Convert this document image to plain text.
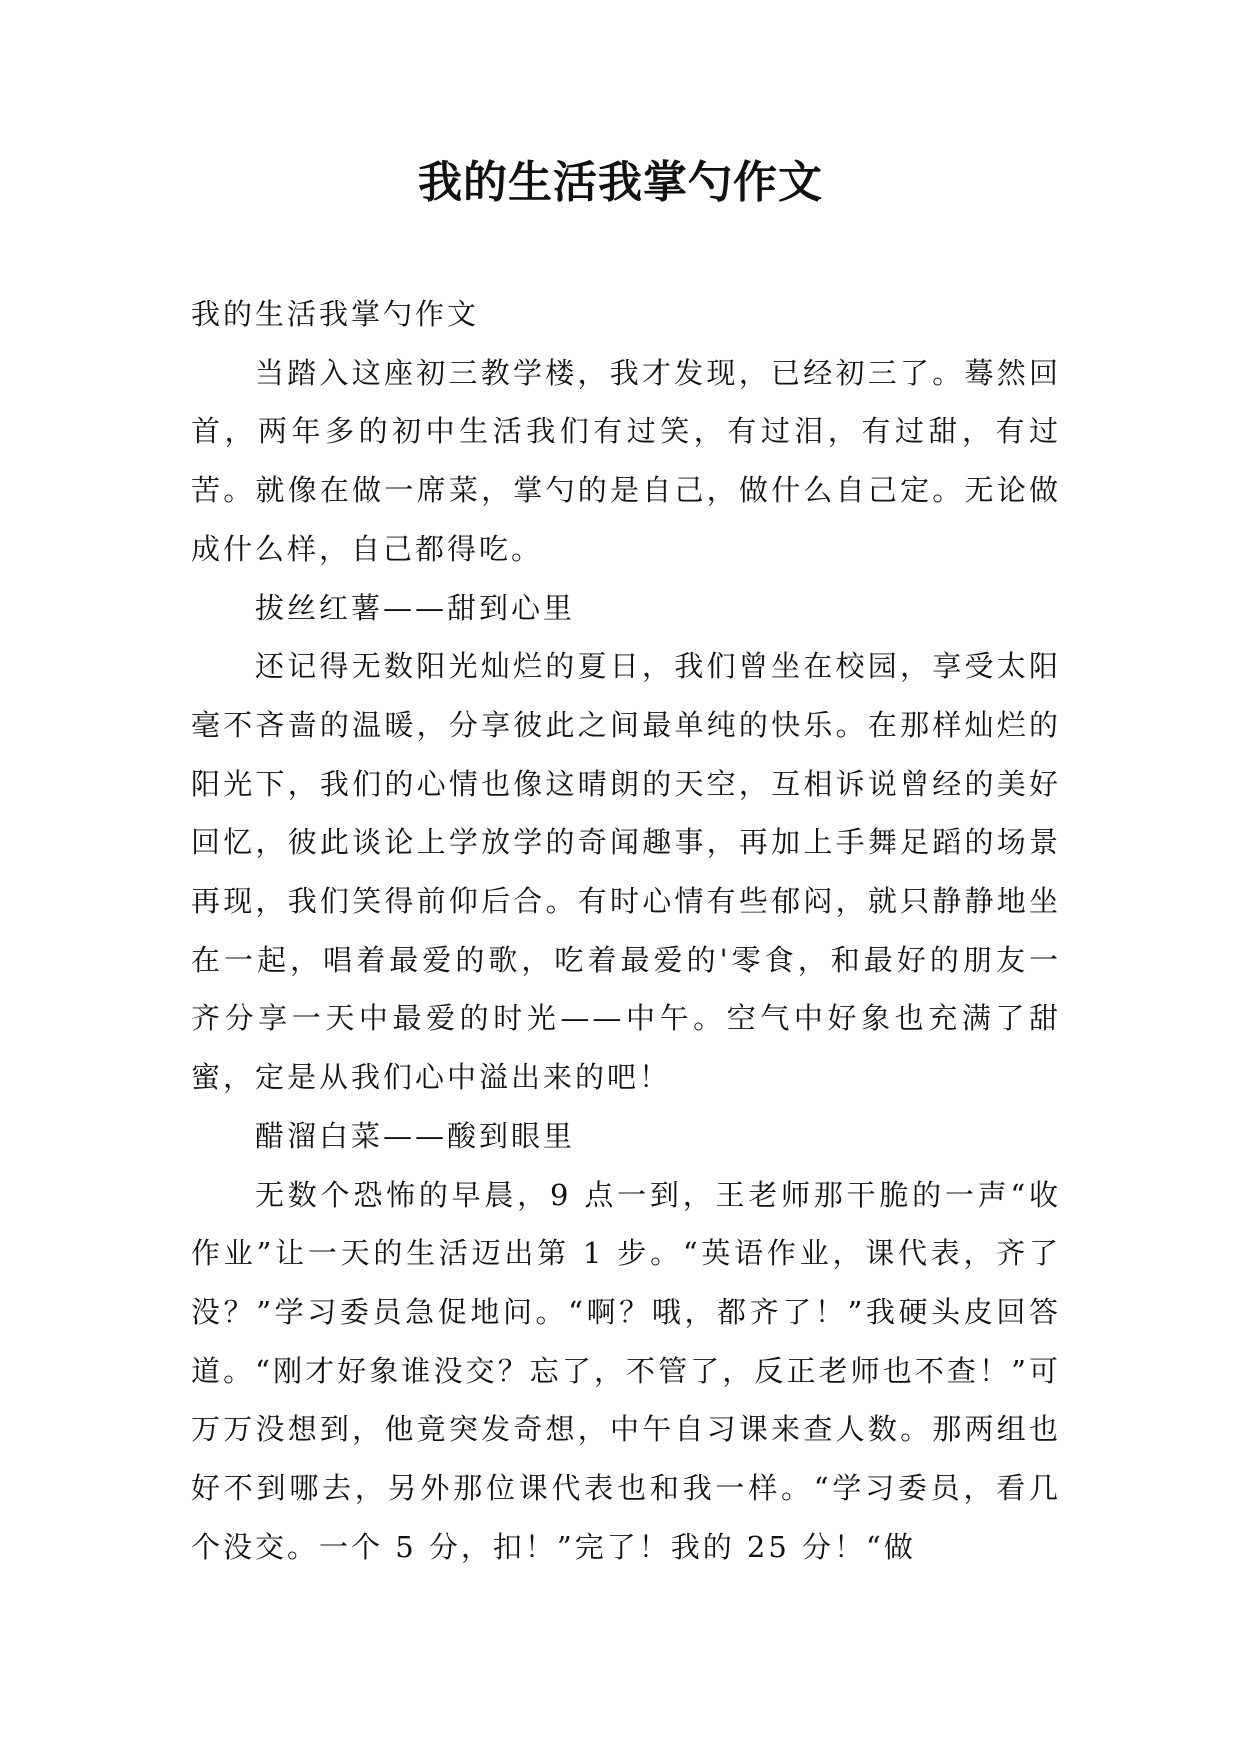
我的生活我掌勺作文

我的生活我掌勺作文

当踏入这座初三教学楼，我才发现，已经初三了。蓦然回首，两年多的初中生活我们有过笑，有过泪，有过甜，有过苦。就像在做一席菜，掌勺的是自己，做什么自己定。无论做成什么样，自己都得吃。

拔丝红薯——甜到心里

还记得无数阳光灿烂的夏日，我们曾坐在校园，享受太阳毫不吝啬的温暖，分享彼此之间最单纯的快乐。在那样灿烂的阳光下，我们的心情也像这晴朗的天空，互相诉说曾经的美好回忆，彼此谈论上学放学的奇闻趣事，再加上手舞足蹈的场景再现，我们笑得前仰后合。有时心情有些郁闷，就只静静地坐在一起，唱着最爱的歌，吃着最爱的'零食，和最好的朋友一齐分享一天中最爱的时光——中午。空气中好象也充满了甜蜜，定是从我们心中溢出来的吧！

醋溜白菜——酸到眼里

无数个恐怖的早晨，9 点一到，王老师那干脆的一声“收作业”让一天的生活迈出第 1 步。“英语作业，课代表，齐了没？”学习委员急促地问。“啊？哦，都齐了！”我硬头皮回答道。“刚才好象谁没交？忘了，不管了，反正老师也不查！”可万万没想到，他竟突发奇想，中午自习课来查人数。那两组也好不到哪去，另外那位课代表也和我一样。“学习委员，看几个没交。一个 5 分，扣！”完了！我的 25 分！“做
